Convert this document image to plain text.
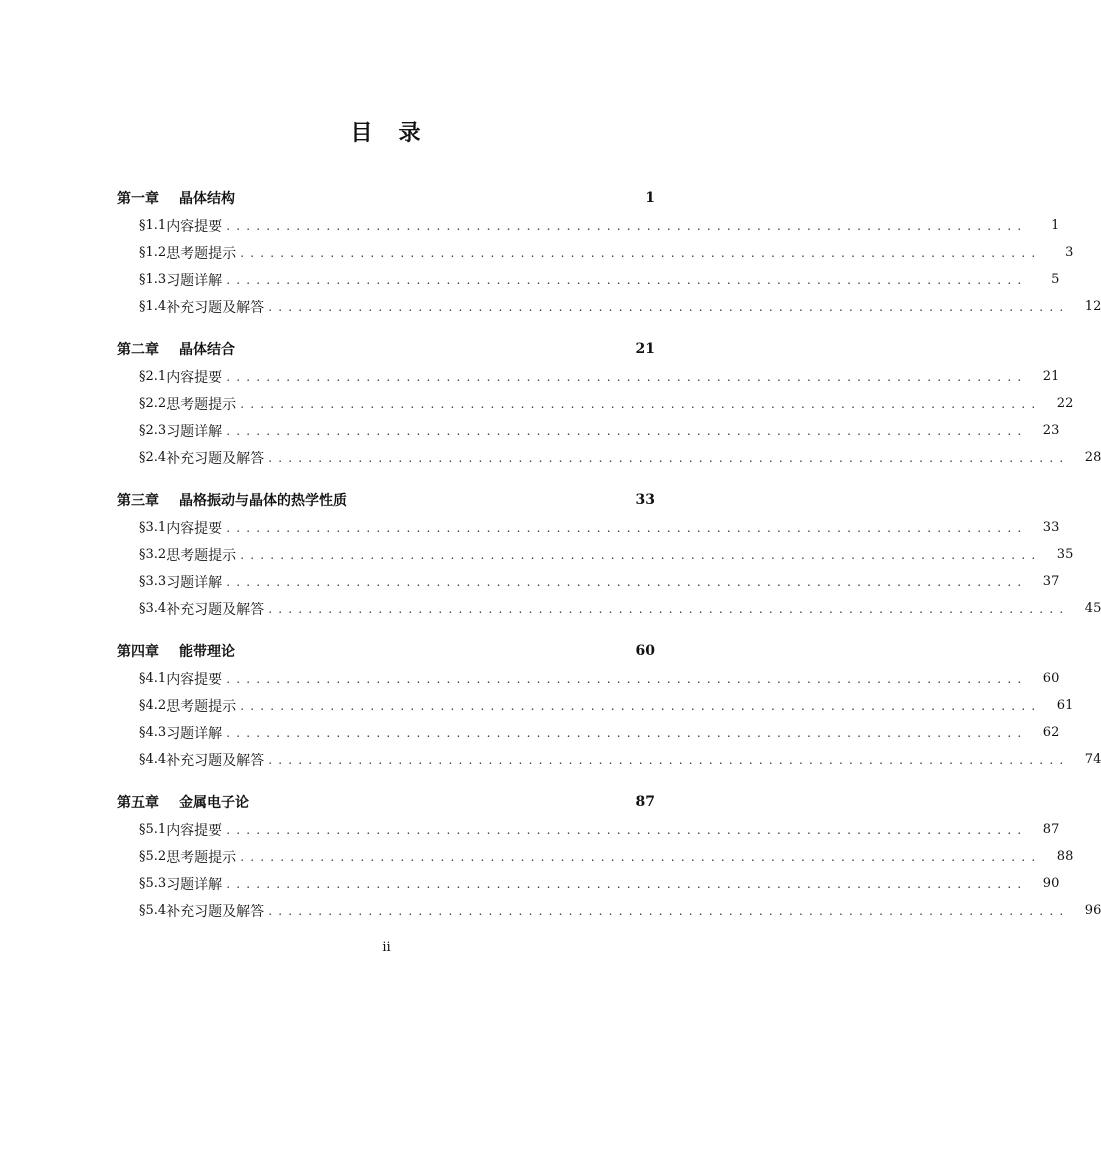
目　录
第一章	晶体结构	1
§1.1 内容提要 ................................................................................	1
§1.2 思考题提示 ................................................................................	3
§1.3 习题详解 ................................................................................	5
§1.4 补充习题及解答 ................................................................................	12
第二章	晶体结合	21
§2.1 内容提要 ................................................................................	21
§2.2 思考题提示 ................................................................................	22
§2.3 习题详解 ................................................................................	23
§2.4 补充习题及解答 ................................................................................	28
第三章	晶格振动与晶体的热学性质	33
§3.1 内容提要 ................................................................................	33
§3.2 思考题提示 ................................................................................	35
§3.3 习题详解 ................................................................................	37
§3.4 补充习题及解答 ................................................................................	45
第四章	能带理论	60
§4.1 内容提要 ................................................................................	60
§4.2 思考题提示 ................................................................................	61
§4.3 习题详解 ................................................................................	62
§4.4 补充习题及解答 ................................................................................	74
第五章	金属电子论	87
§5.1 内容提要 ................................................................................	87
§5.2 思考题提示 ................................................................................	88
§5.3 习题详解 ................................................................................	90
§5.4 补充习题及解答 ................................................................................	96
ii
